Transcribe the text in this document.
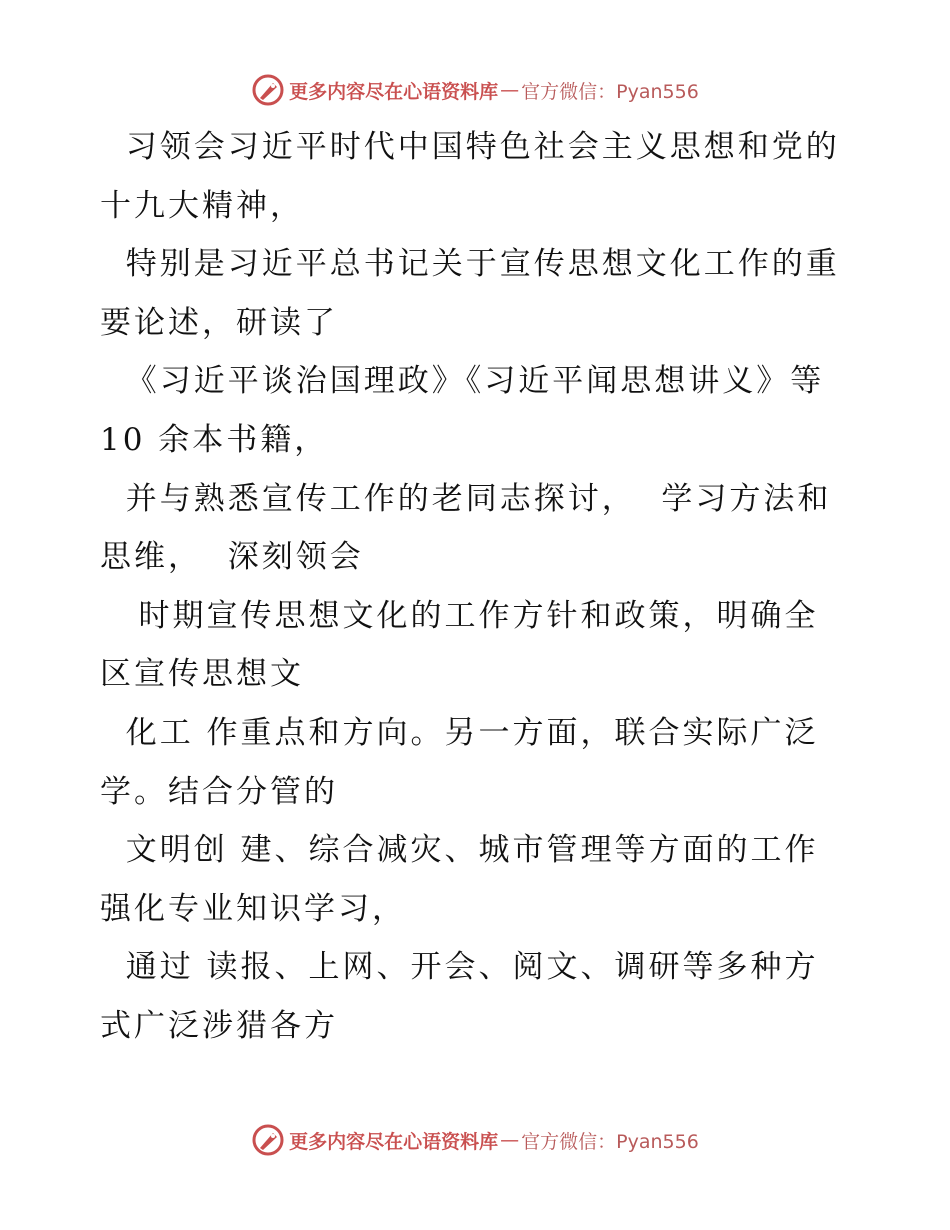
更多内容尽在心语资料库 — 官方微信：Pyan556
习领会习近平时代中国特色社会主义思想和党的
十九大精神，
特别是习近平总书记关于宣传思想文化工作的重
要论述，研读了
《习近平谈治国理政》《习近平闻思想讲义》等
10 余本书籍，
并与熟悉宣传工作的老同志探讨，  学习方法和
思维，  深刻领会
时期宣传思想文化的工作方针和政策，明确全
区宣传思想文
化工 作重点和方向。另一方面，联合实际广泛
学。结合分管的
文明创 建、综合减灾、城市管理等方面的工作
强化专业知识学习，
通过 读报、上网、开会、阅文、调研等多种方
式广泛涉猎各方
更多内容尽在心语资料库 — 官方微信：Pyan556
